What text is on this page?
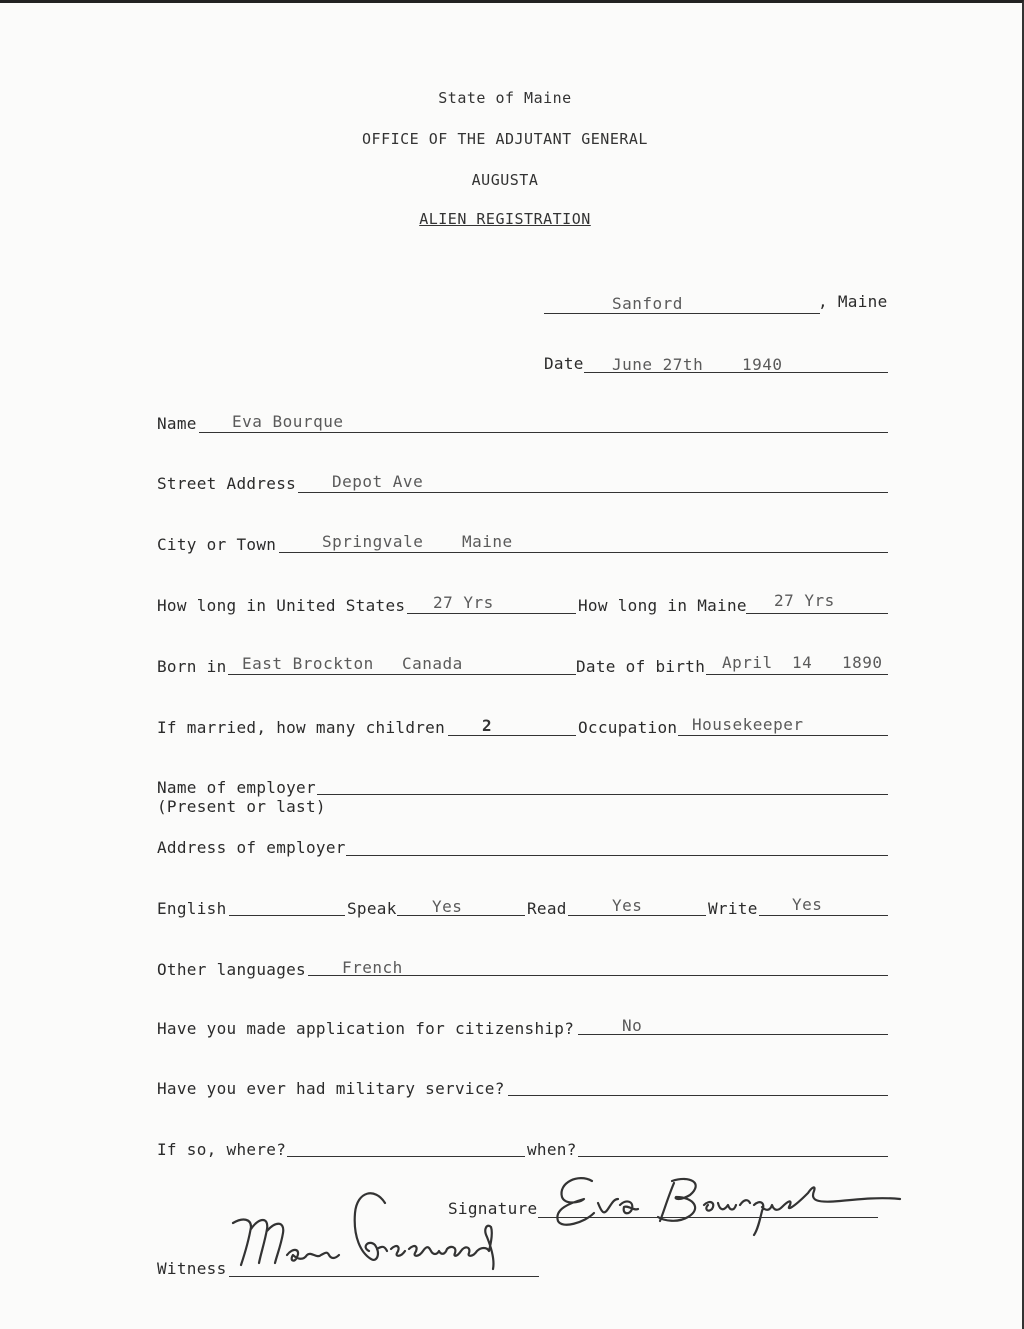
State of Maine
OFFICE OF THE ADJUTANT GENERAL
AUGUSTA
ALIEN REGISTRATION
Sanford	, Maine
Date June 27th 1940
Name Eva Bourque
Street Address Depot Ave
City or Town	Springvale Maine
How long in United States 27 Yrs	How long in Maine 27 Yrs
Born in East Brockton Canada	Date of birth April 14 1890
If married, how many children 2	Occupation Housekeeper
Name of employer
(Present or last)
Address of employer
English	Speak Yes	Read	Yes	Write Yes
Other languages French
Have you made application for citizenship?	No
Have you ever had military service?
If so, where?	when?
Signature
Witness
